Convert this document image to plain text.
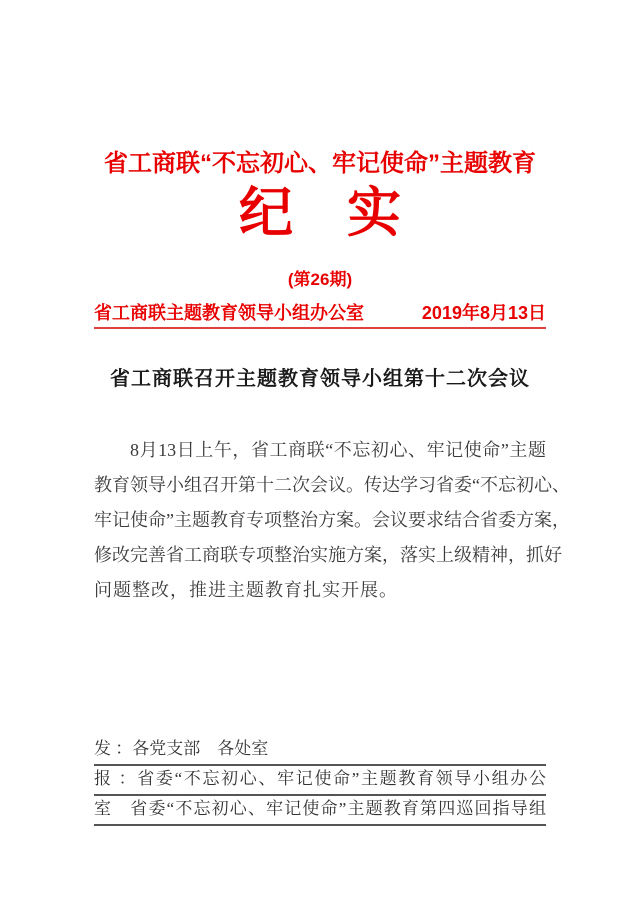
省工商联“不忘初心、牢记使命”主题教育
纪　实
(第26期)
省工商联主题教育领导小组办公室	2019年8月13日
省工商联召开主题教育领导小组第十二次会议
8月13日上午，省工商联“不忘初心、牢记使命”主题
教育领导小组召开第十二次会议。传达学习省委“不忘初心、
牢记使命”主题教育专项整治方案。会议要求结合省委方案，
修改完善省工商联专项整治实施方案，落实上级精神，抓好
问题整改，推进主题教育扎实开展。
发 ：各党支部　各处室
报 ：省委“不忘初心、牢记使命”主题教育领导小组办公
室　省委“不忘初心、牢记使命”主题教育第四巡回指导组
